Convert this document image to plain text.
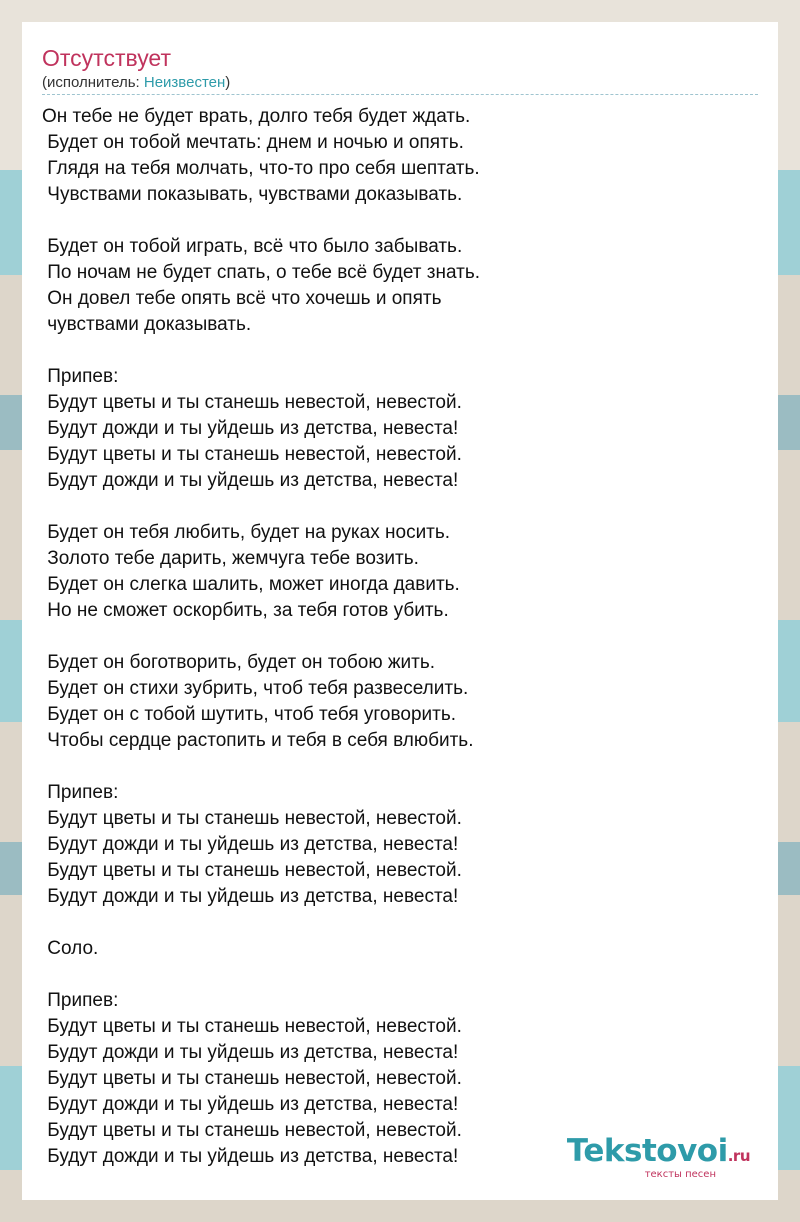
Отсутствует
(исполнитель: Неизвестен)
Он тебе не будет врать, долго тебя будет ждать.
Будет он тобой мечтать: днем и ночью и опять.
Глядя на тебя молчать, что-то про себя шептать.
Чувствами показывать, чувствами доказывать.
Будет он тобой играть, всё что было забывать.
По ночам не будет спать, о тебе всё будет знать.
Он довел тебе опять всё что хочешь и опять
чувствами доказывать.
Припев:
Будут цветы и ты станешь невестой, невестой.
Будут дожди и ты уйдешь из детства, невеста!
Будут цветы и ты станешь невестой, невестой.
Будут дожди и ты уйдешь из детства, невеста!
Будет он тебя любить, будет на руках носить.
Золото тебе дарить, жемчуга тебе возить.
Будет он слегка шалить, может иногда давить.
Но не сможет оскорбить, за тебя готов убить.
Будет он боготворить, будет он тобою жить.
Будет он стихи зубрить, чтоб тебя развеселить.
Будет он с тобой шутить, чтоб тебя уговорить.
Чтобы сердце растопить и тебя в себя влюбить.
Припев:
Будут цветы и ты станешь невестой, невестой.
Будут дожди и ты уйдешь из детства, невеста!
Будут цветы и ты станешь невестой, невестой.
Будут дожди и ты уйдешь из детства, невеста!
Соло.
Припев:
Будут цветы и ты станешь невестой, невестой.
Будут дожди и ты уйдешь из детства, невеста!
Будут цветы и ты станешь невестой, невестой.
Будут дожди и ты уйдешь из детства, невеста!
Будут цветы и ты станешь невестой, невестой.
Будут дожди и ты уйдешь из детства, невеста!	Tekstovoi.ru
тексты песен
